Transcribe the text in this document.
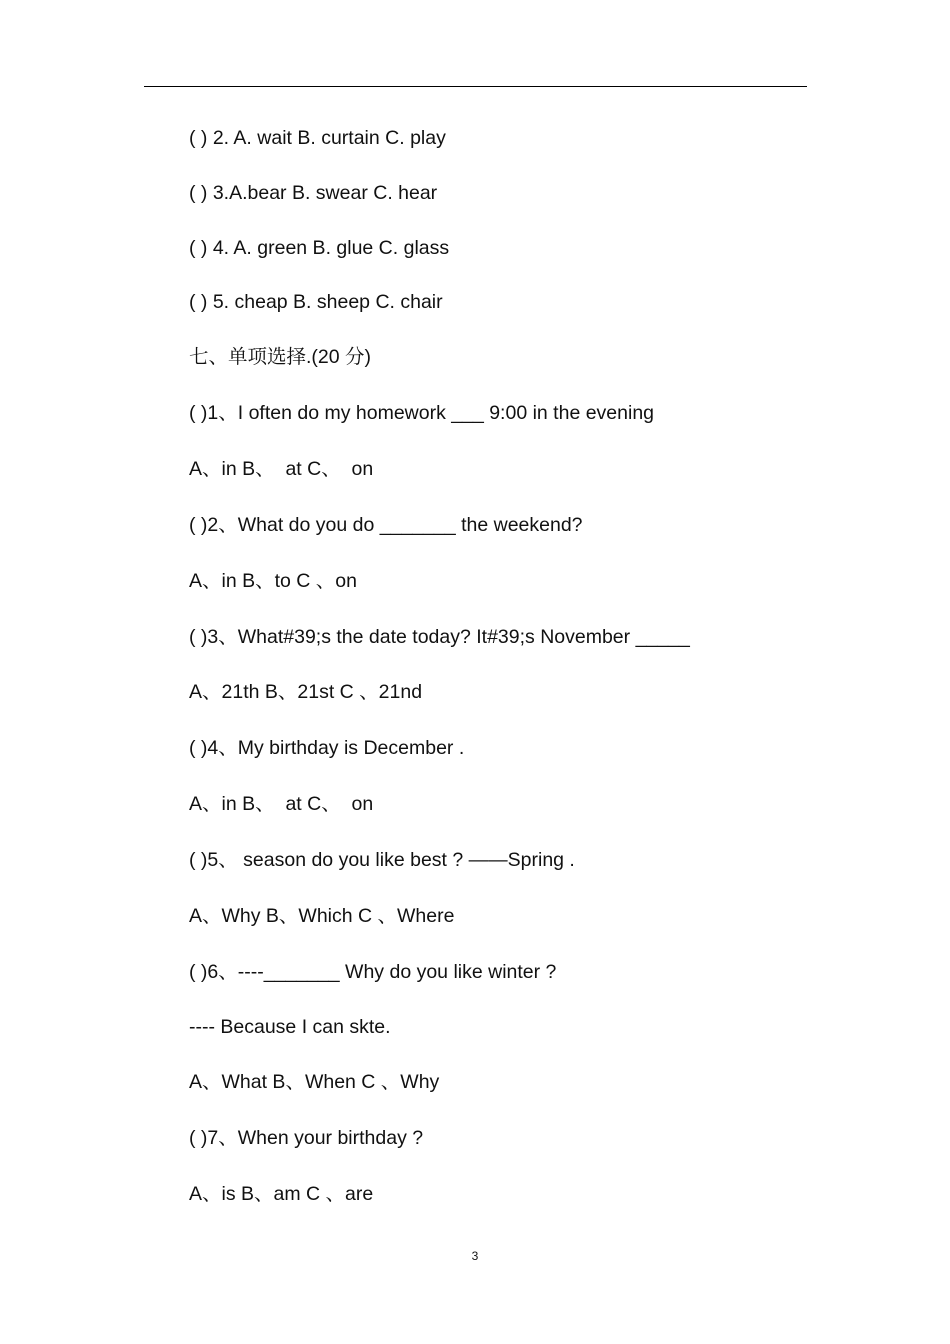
( ) 2. A. wait B. curtain C. play
( ) 3.A.bear B. swear C. hear
( ) 4. A. green B. glue C. glass
( ) 5. cheap B. sheep C. chair
七、单项选择.(20 分)
( )1、I often do my homework ___ 9:00 in the evening
A、in B、  at C、  on
( )2、What do you do _______ the weekend?
A、in B、to C 、on
( )3、What#39;s the date today? It#39;s November _____
A、21th B、21st C 、21nd
( )4、My birthday is December .
A、in B、  at C、  on
( )5、 season do you like best ? ——Spring .
A、Why B、Which C 、Where
( )6、----_______ Why do you like winter ?
---- Because I can skte.
A、What B、When C 、Why
( )7、When your birthday ?
A、is B、am C 、are
3
